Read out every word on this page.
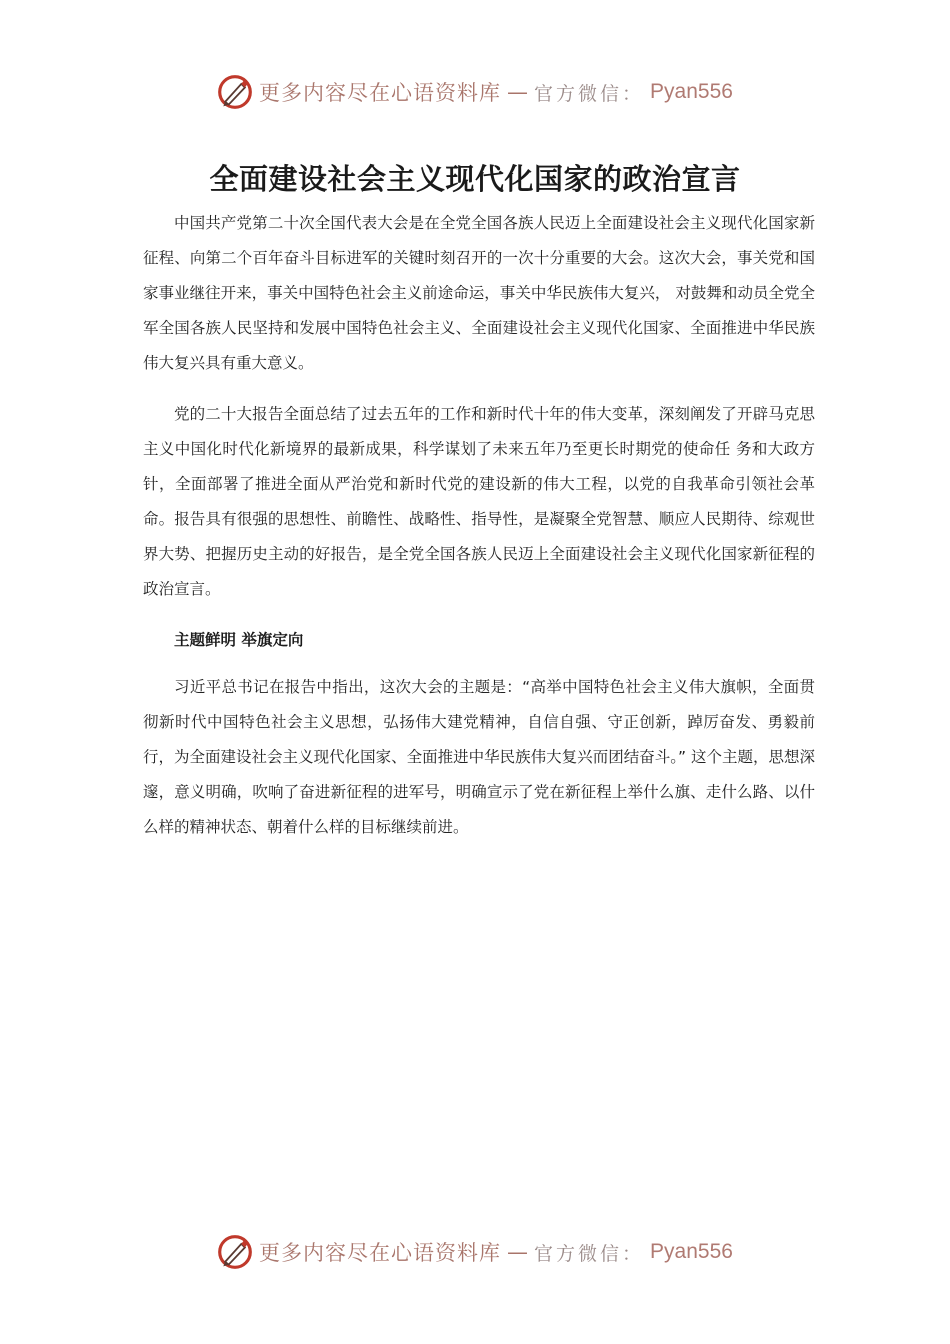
更多内容尽在心语资料库 — 官方微信： Pyan556
全面建设社会主义现代化国家的政治宣言

中国共产党第二十次全国代表大会是在全党全国各族人民迈上全面建设社会主义现代化国家新征程、向第二个百年奋斗目标进军的关键时刻召开的一次十分重要的大会。这次大会，事关党和国家事业继往开来，事关中国特色社会主义前途命运，事关中华民族伟大复兴， 对鼓舞和动员全党全军全国各族人民坚持和发展中国特色社会主义、全面建设社会主义现代化国家、全面推进中华民族伟大复兴具有重大意义。

党的二十大报告全面总结了过去五年的工作和新时代十年的伟大变革，深刻阐发了开辟马克思主义中国化时代化新境界的最新成果，科学谋划了未来五年乃至更长时期党的使命任 务和大政方针，全面部署了推进全面从严治党和新时代党的建设新的伟大工程，以党的自我革命引领社会革命。报告具有很强的思想性、前瞻性、战略性、指导性，是凝聚全党智慧、顺应人民期待、综观世界大势、把握历史主动的好报告，是全党全国各族人民迈上全面建设社会主义现代化国家新征程的政治宣言。

主题鲜明 举旗定向

习近平总书记在报告中指出，这次大会的主题是：“高举中国特色社会主义伟大旗帜，全面贯彻新时代中国特色社会主义思想，弘扬伟大建党精神，自信自强、守正创新，踔厉奋发、勇毅前行，为全面建设社会主义现代化国家、全面推进中华民族伟大复兴而团结奋斗。” 这个主题，思想深邃，意义明确，吹响了奋进新征程的进军号，明确宣示了党在新征程上举什么旗、走什么路、以什么样的精神状态、朝着什么样的目标继续前进。

更多内容尽在心语资料库 — 官方微信： Pyan556
